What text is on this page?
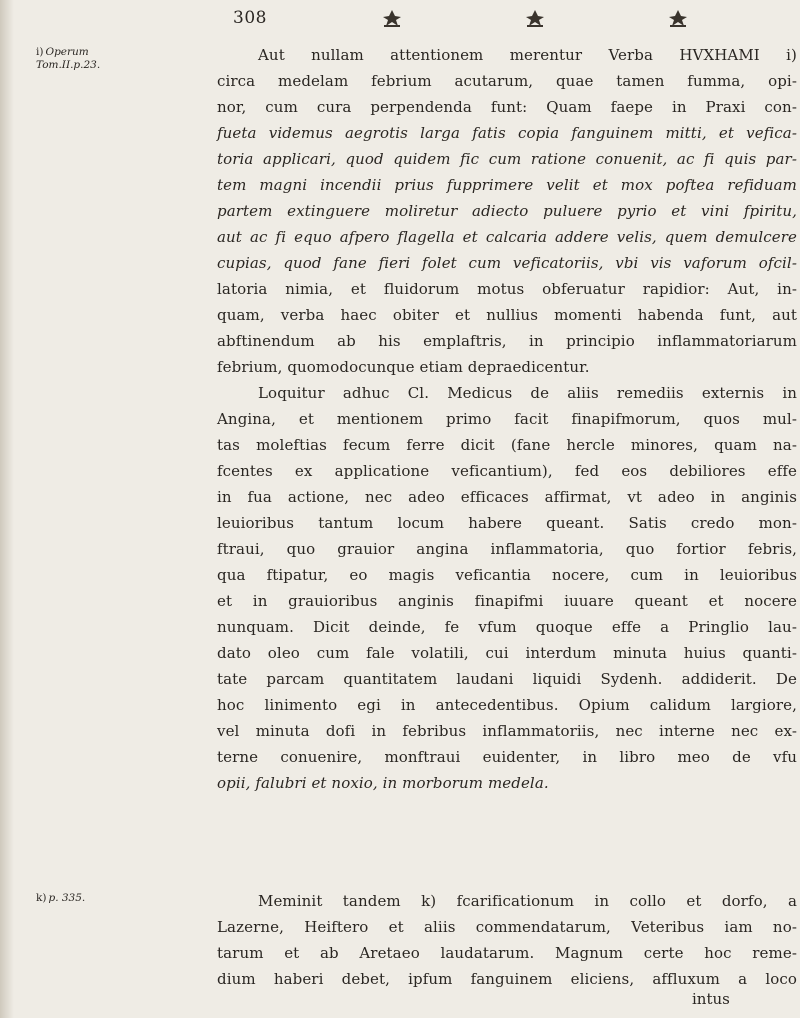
308
i) Operum
Tom.II.p.23.
k) p. 335.
Aut nullam attentionem merentur Verba HVXHAMI i)
circa medelam febrium acutarum, quae tamen fumma, opi-
nor, cum cura perpendenda funt: Quam faepe in Praxi con-
fueta videmus aegrotis larga fatis copia fanguinem mitti, et vefica-
toria applicari, quod quidem fic cum ratione conuenit, ac fi quis par-
tem magni incendii prius fupprimere velit et mox poftea refiduam
partem extinguere moliretur adiecto puluere pyrio et vini fpiritu,
aut ac fi equo afpero flagella et calcaria addere velis, quem demulcere
cupias, quod fane fieri folet cum veficatoriis, vbi vis vaforum ofcil-
latoria nimia, et fluidorum motus obferuatur rapidior: Aut, in-
quam, verba haec obiter et nullius momenti habenda funt, aut
abftinendum ab his emplaftris, in principio inflammatoriarum
febrium, quomodocunque etiam depraedicentur.
Loquitur adhuc Cl. Medicus de aliis remediis externis in
Angina, et mentionem primo facit finapifmorum, quos mul-
tas moleftias fecum ferre dicit (fane hercle minores, quam na-
fcentes ex applicatione veficantium), fed eos debiliores effe
in fua actione, nec adeo efficaces affirmat, vt adeo in anginis
leuioribus tantum locum habere queant. Satis credo mon-
ftraui, quo grauior angina inflammatoria, quo fortior febris,
qua ftipatur, eo magis veficantia nocere, cum in leuioribus
et in grauioribus anginis finapifmi iuuare queant et nocere
nunquam. Dicit deinde, fe vfum quoque effe a Pringlio lau-
dato oleo cum fale volatili, cui interdum minuta huius quanti-
tate parcam quantitatem laudani liquidi Sydenh. addiderit. De
hoc linimento egi in antecedentibus. Opium calidum largiore,
vel minuta dofi in febribus inflammatoriis, nec interne nec ex-
terne conuenire, monftraui euidenter, in libro meo de vfu
opii, falubri et noxio, in morborum medela.
Meminit tandem k) fcarificationum in collo et dorfo, a
Lazerne, Heiftero et aliis commendatarum, Veteribus iam no-
tarum et ab Aretaeo laudatarum. Magnum certe hoc reme-
dium haberi debet, ipfum fanguinem eliciens, affluxum a loco
intus
